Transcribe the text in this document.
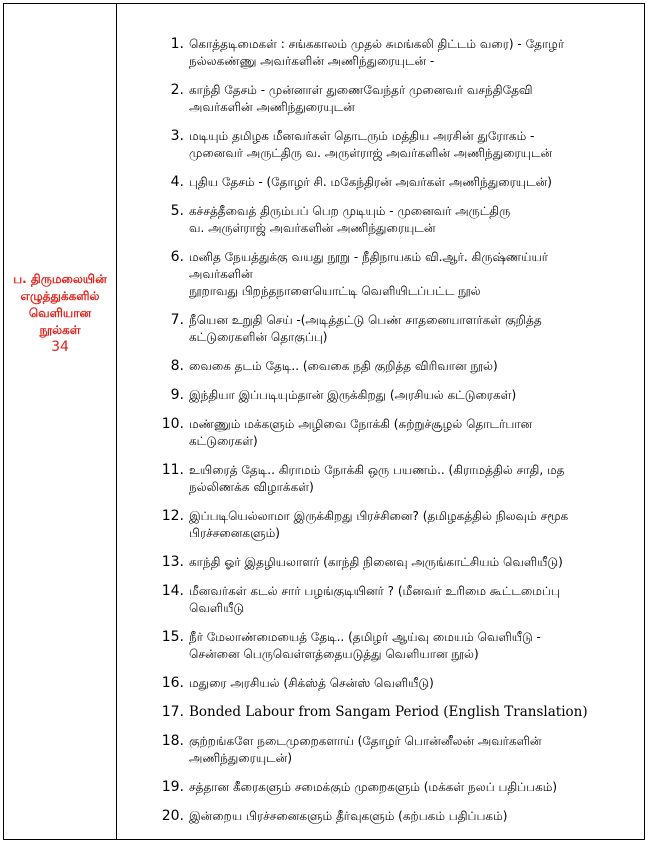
ப. திருமலையின்
எழுத்துக்களில்
வெளியான
நூல்கள்
34
1. கொத்தடிமைகள் : சங்ககாலம் முதல் சுமங்கலி திட்டம் வரை) - தோழர்
நல்லகண்ணு அவர்களின் அணிந்துரையுடன் -
2. காந்தி தேசம் - முன்னாள் துணைவேந்தர் முனைவர் வசந்திதேவி
அவர்களின் அணிந்துரையுடன்
3. மடியும் தமிழக மீனவர்கள் தொடரும் மத்திய அரசின் துரோகம் -
முனைவர் அருட்திரு வ. அருள்ராஜ் அவர்களின் அணிந்துரையுடன்
4. புதிய தேசம் - (தோழர் சி. மகேந்திரன் அவர்கள் அணிந்துரையுடன்)
5. கச்சத்தீவைத் திரும்பப் பெற முடியும் - முனைவர் அருட்திரு
வ. அருள்ராஜ் அவர்களின் அணிந்துரையுடன்
6. மனித நேயத்துக்கு வயது நூறு - நீதிநாயகம் வி.ஆர். கிருஷ்ணய்யர்
அவர்களின்
நூறாவது பிறந்தநாளையொட்டி வெளியிடப்பட்ட நூல்
7. நீயென உறுதி செய் -(அடித்தட்டு பெண் சாதனையாளர்கள் குறித்த
கட்டுரைகளின் தொகுப்பு)
8. வைகை தடம் தேடி.. (வைகை நதி குறித்த விரிவான நூல்)
9. இந்தியா இப்படியும்தான் இருக்கிறது (அரசியல் கட்டுரைகள்)
10. மண்ணும் மக்களும் அழிவை நோக்கி (சுற்றுச்சூழல் தொடர்பான
கட்டுரைகள்)
11. உயிரைத் தேடி.. கிராமம் நோக்கி ஒரு பயணம்.. (கிராமத்தில் சாதி, மத
நல்லிணக்க விழாக்கள்)
12. இப்படியெல்லாமா இருக்கிறது பிரச்சினை? (தமிழகத்தில் நிலவும் சமூக
பிரச்சனைகளும்)
13. காந்தி ஓர் இதழியலாளர் (காந்தி நினைவு அருங்காட்சியம் வெளியீடு)
14. மீனவர்கள் கடல் சார் பழங்குடியினர் ? (மீனவர் உரிமை கூட்டமைப்பு
வெளியீடு
15. நீர் மேலாண்மையைத் தேடி.. (தமிழர் ஆய்வு மையம் வெளியீடு -
சென்னை பெருவெள்ளத்தையடுத்து வெளியான நூல்)
16. மதுரை அரசியல் (சிக்ஸ்த் சென்ஸ் வெளியீடு)
17. Bonded Labour from Sangam Period (English Translation)
18. குற்றங்களே நடைமுறைகளாய் (தோழர் பொன்னீலன் அவர்களின்
அணிந்துரையுடன்)
19. சத்தான கீரைகளும் சமைக்கும் முறைகளும் (மக்கள் நலப் பதிப்பகம்)
20. இன்றைய பிரச்சனைகளும் தீர்வுகளும் (கற்பகம் பதிப்பகம்)
